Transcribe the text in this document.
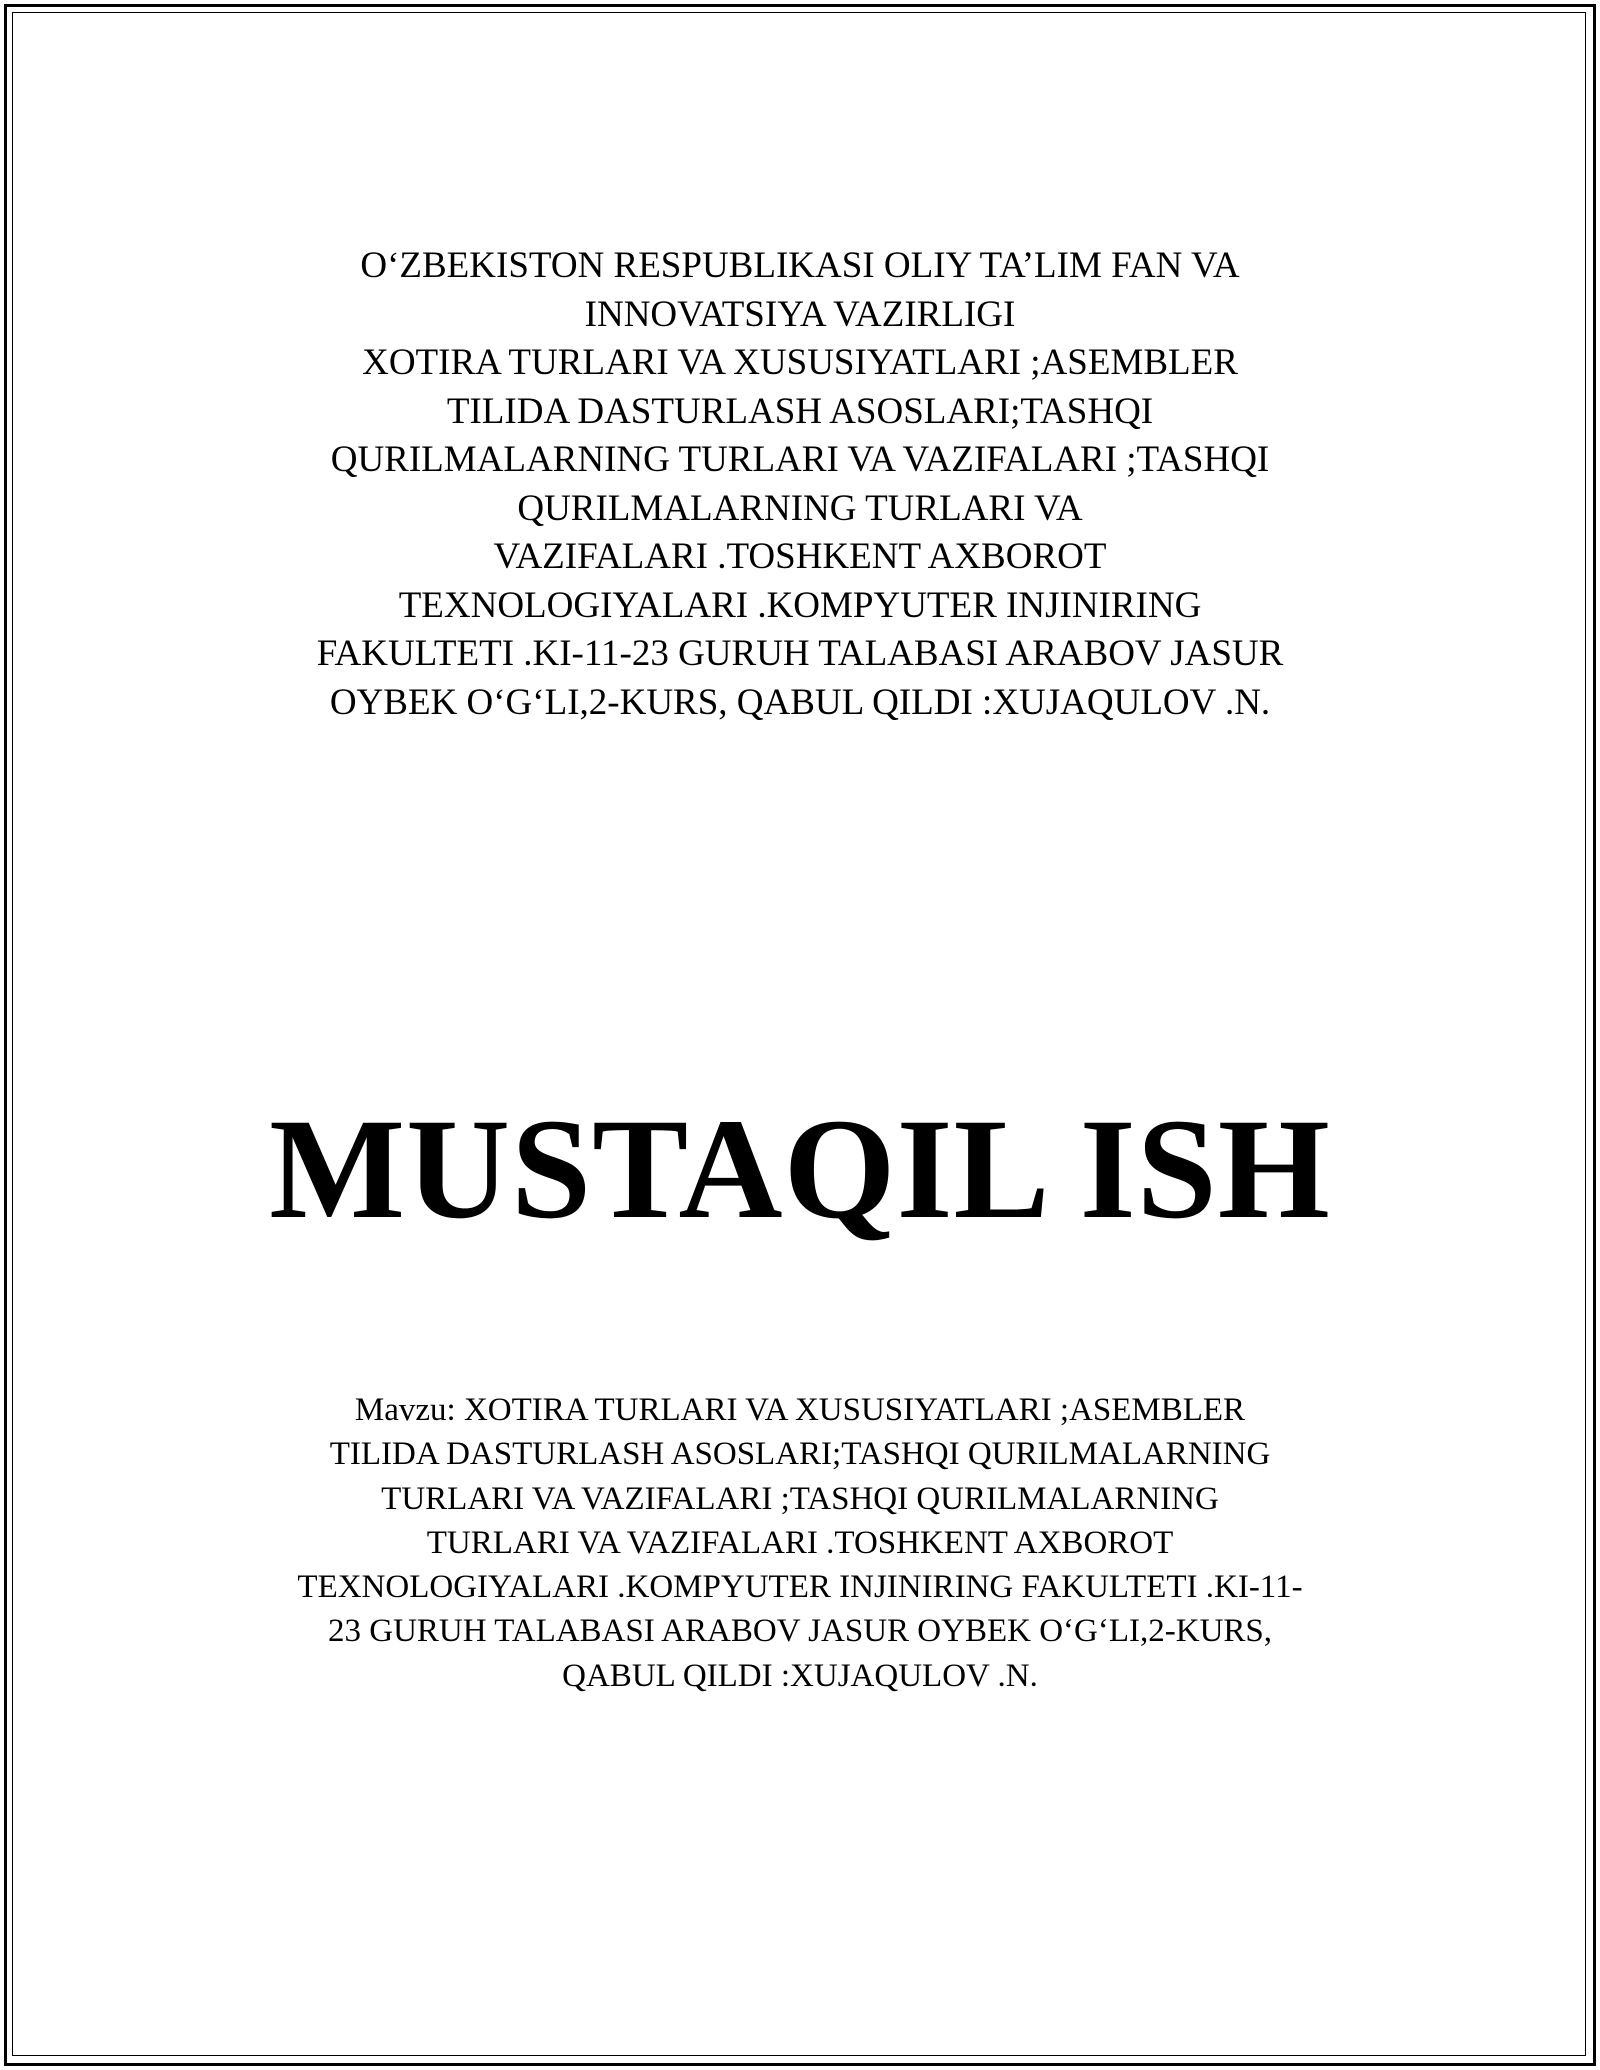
O‘ZBEKISTON RESPUBLIKASI OLIY TA’LIM FAN VA
INNOVATSIYA VAZIRLIGI
XOTIRA TURLARI VA XUSUSIYATLARI ;ASEMBLER
TILIDA DASTURLASH ASOSLARI;TASHQI
QURILMALARNING TURLARI VA VAZIFALARI ;TASHQI
QURILMALARNING TURLARI VA
VAZIFALARI .TOSHKENT AXBOROT
TEXNOLOGIYALARI .KOMPYUTER INJINIRING
FAKULTETI .KI-11-23 GURUH TALABASI ARABOV JASUR
OYBEK O‘G‘LI,2-KURS, QABUL QILDI :XUJAQULOV .N.
MUSTAQIL ISH
Mavzu: XOTIRA TURLARI VA XUSUSIYATLARI ;ASEMBLER
TILIDA DASTURLASH ASOSLARI;TASHQI QURILMALARNING
TURLARI VA VAZIFALARI ;TASHQI QURILMALARNING
TURLARI VA VAZIFALARI .TOSHKENT AXBOROT
TEXNOLOGIYALARI .KOMPYUTER INJINIRING FAKULTETI .KI-11-
23 GURUH TALABASI ARABOV JASUR OYBEK O‘G‘LI,2-KURS,
QABUL QILDI :XUJAQULOV .N.
